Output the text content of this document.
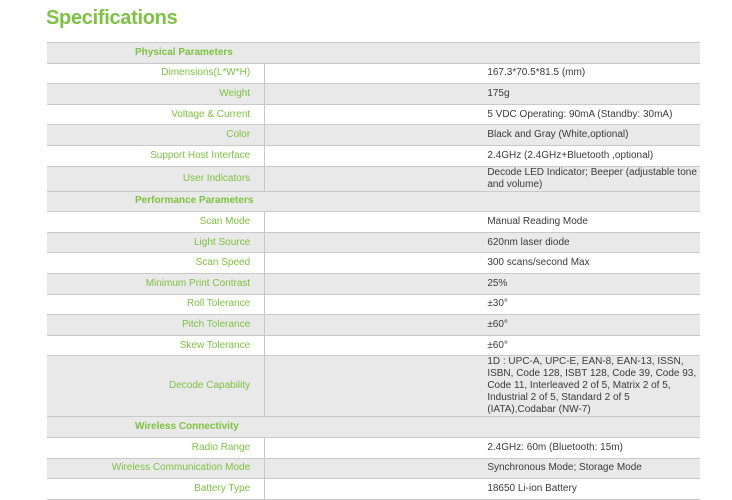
Specifications
Physical Parameters		
Dimensions(L*W*H)		167.3*70.5*81.5 (mm)
Weight		175g
Voltage & Current		5 VDC Operating: 90mA (Standby: 30mA)
Color		Black and Gray (White,optional)
Support Host Interface		2.4GHz (2.4GHz+Bluetooth ,optional)
User Indicators		Decode LED Indicator; Beeper (adjustable tone and volume)
Performance Parameters		
Scan Mode		Manual Reading Mode
Light Source		620nm laser diode
Scan Speed		300 scans/second Max
Minimum Print Contrast		25%
Roll Tolerance		±30°
Pitch Tolerance		±60°
Skew Tolerance		±60°
Decode Capability		1D : UPC-A, UPC-E, EAN-8, EAN-13, ISSN, ISBN, Code 128, ISBT 128, Code 39, Code 93, Code 11, Interleaved 2 of 5, Matrix 2 of 5, Industrial 2 of 5, Standard 2 of 5 (IATA),Codabar (NW-7)
Wireless Connectivity		
Radio Range		2.4GHz: 60m (Bluetooth: 15m)
Wireless Communication Mode		Synchronous Mode; Storage Mode
Battery Type		18650 Li-ion Battery
